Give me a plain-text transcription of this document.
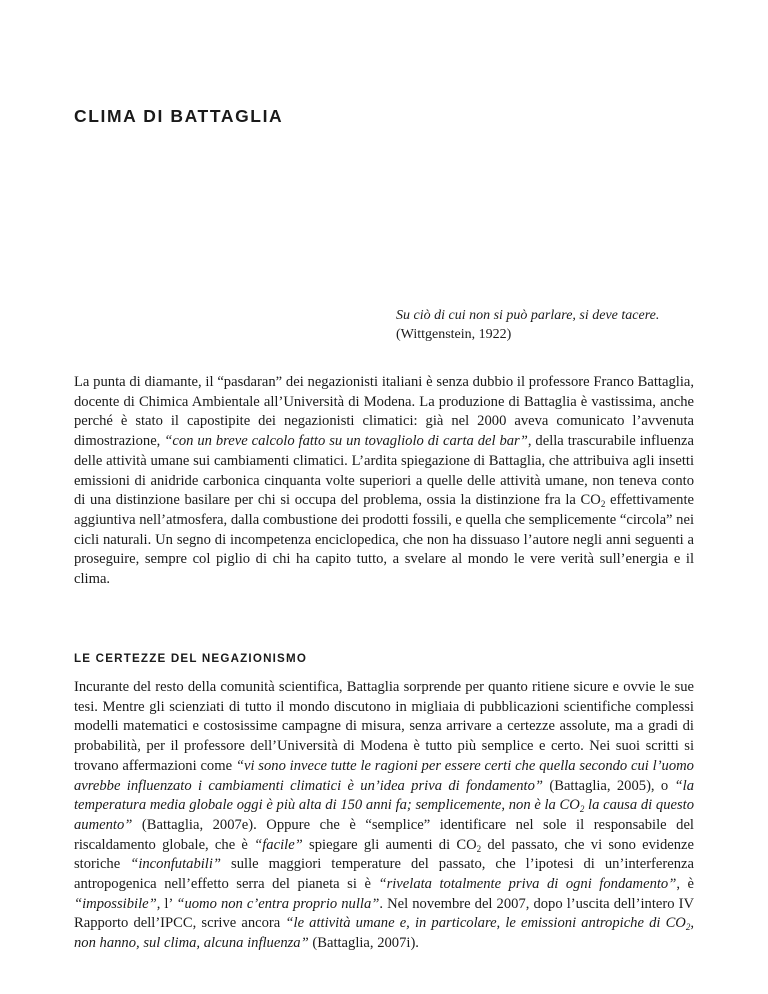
CLIMA DI BATTAGLIA
Su ciò di cui non si può parlare, si deve tacere.
(Wittgenstein, 1922)

La punta di diamante, il “pasdaran” dei negazionisti italiani è senza dubbio il professore Franco Battaglia, docente di Chimica Ambientale all’Università di Modena. La produzione di Battaglia è vastissima, anche perché è stato il capostipite dei negazionisti climatici: già nel 2000 aveva comunicato l’avvenuta dimostrazione, “con un breve calcolo fatto su un tovagliolo di carta del bar”, della trascurabile influenza delle attività umane sui cambiamenti climatici. L’ardita spiegazione di Battaglia, che attribuiva agli insetti emissioni di anidride carbonica cinquanta volte superiori a quelle delle attività umane, non teneva conto di una distinzione basilare per chi si occupa del problema, ossia la distinzione fra la $CO_2$ effettivamente aggiuntiva nell’atmosfera, dalla combustione dei prodotti fossili, e quella che semplicemente “circola” nei cicli naturali. Un segno di incompetenza enciclopedica, che non ha dissuaso l’autore negli anni seguenti a proseguire, sempre col piglio di chi ha capito tutto, a svelare al mondo le vere verità sull’energia e il clima.

LE CERTEZZE DEL NEGAZIONISMO

Incurante del resto della comunità scientifica, Battaglia sorprende per quanto ritiene sicure e ovvie le sue tesi. Mentre gli scienziati di tutto il mondo discutono in migliaia di pubblicazioni scientifiche complessi modelli matematici e costosissime campagne di misura, senza arrivare a certezze assolute, ma a gradi di probabilità, per il professore dell’Università di Modena è tutto più semplice e certo. Nei suoi scritti si trovano affermazioni come “vi sono invece tutte le ragioni per essere certi che quella secondo cui l’uomo avrebbe influenzato i cambiamenti climatici è un’idea priva di fondamento” (Battaglia, 2005), o “la temperatura media globale oggi è più alta di 150 anni fa; semplicemente, non è la $CO_2$ la causa di questo aumento” (Battaglia, 2007e). Oppure che è “semplice” identificare nel sole il responsabile del riscaldamento globale, che è “facile” spiegare gli aumenti di $CO_2$ del passato, che vi sono evidenze storiche “inconfutabili” sulle maggiori temperature del passato, che l’ipotesi di un’interferenza antropogenica nell’effetto serra del pianeta si è “rivelata totalmente priva di ogni fondamento”, è “impossibile”, l’ “uomo non c’entra proprio nulla”. Nel novembre del 2007, dopo l’uscita dell’intero IV Rapporto dell’IPCC, scrive ancora “le attività umane e, in particolare, le emissioni antropiche di $CO_2$, non hanno, sul clima, alcuna influenza” (Battaglia, 2007i).
